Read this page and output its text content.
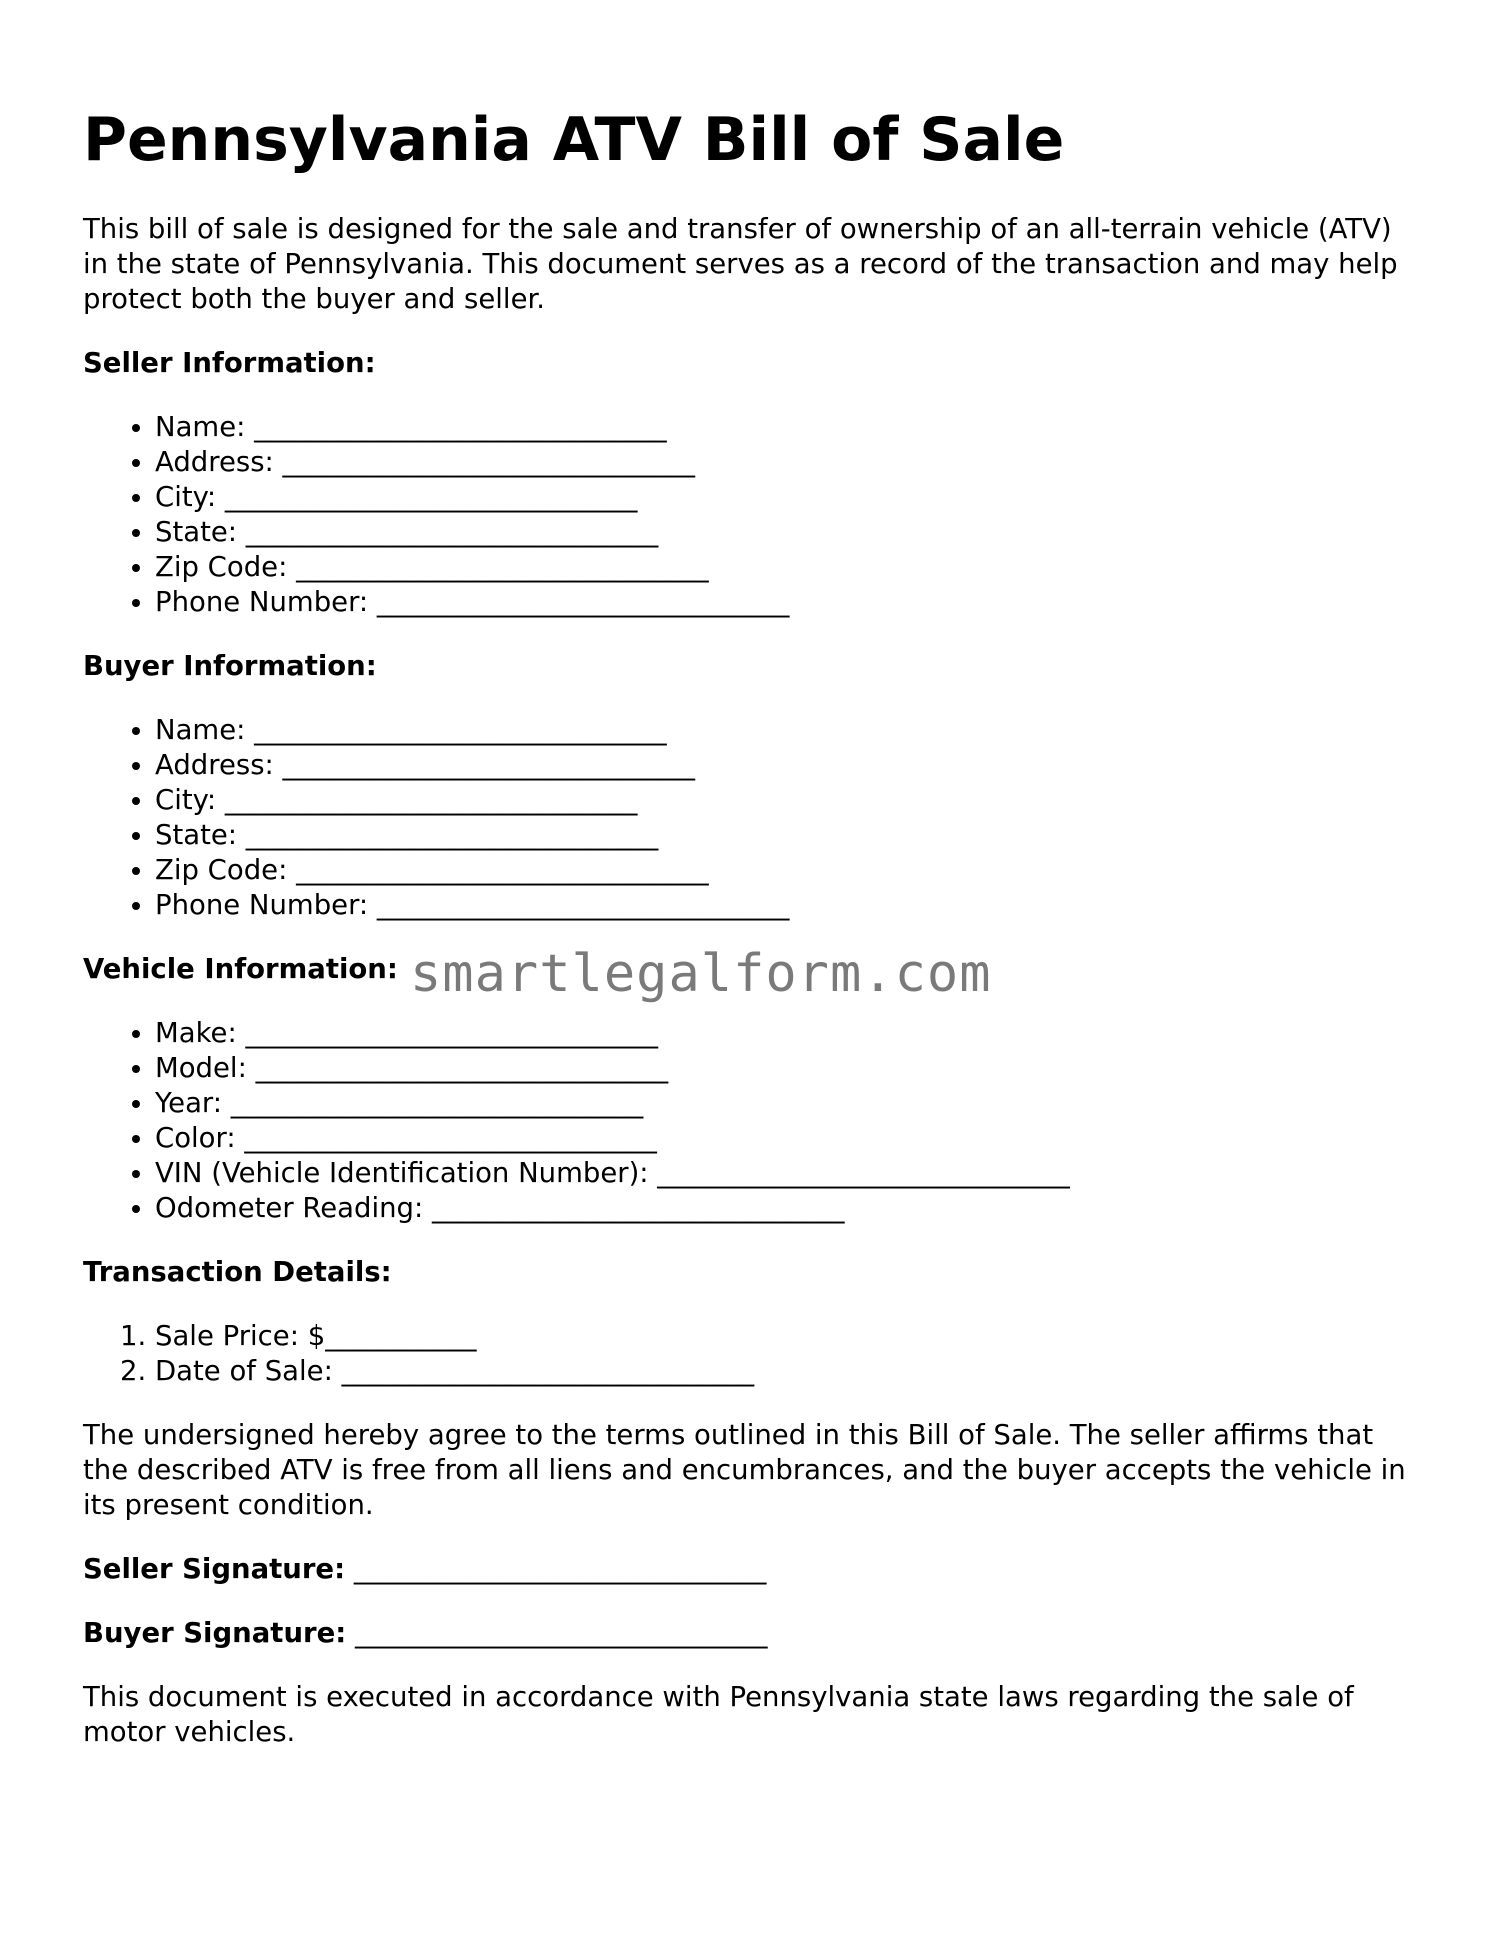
Pennsylvania ATV Bill of Sale

This bill of sale is designed for the sale and transfer of ownership of an all-terrain vehicle (ATV) in the state of Pennsylvania. This document serves as a record of the transaction and may help protect both the buyer and seller.

Seller Information:
• Name: ______________________________
• Address: ______________________________
• City: ______________________________
• State: ______________________________
• Zip Code: ______________________________
• Phone Number: ______________________________
Buyer Information:
• Name: ______________________________
• Address: ______________________________
• City: ______________________________
• State: ______________________________
• Zip Code: ______________________________
• Phone Number: ______________________________
Vehicle Information:
• Make: ______________________________
• Model: ______________________________
• Year: ______________________________
• Color: ______________________________
• VIN (Vehicle Identification Number): ______________________________
• Odometer Reading: ______________________________
Transaction Details:
1. Sale Price: $___________
2. Date of Sale: ______________________________

The undersigned hereby agree to the terms outlined in this Bill of Sale. The seller affirms that the described ATV is free from all liens and encumbrances, and the buyer accepts the vehicle in its present condition.

Seller Signature: ______________________________

Buyer Signature: ______________________________

This document is executed in accordance with Pennsylvania state laws regarding the sale of motor vehicles.

smartlegalform.com
